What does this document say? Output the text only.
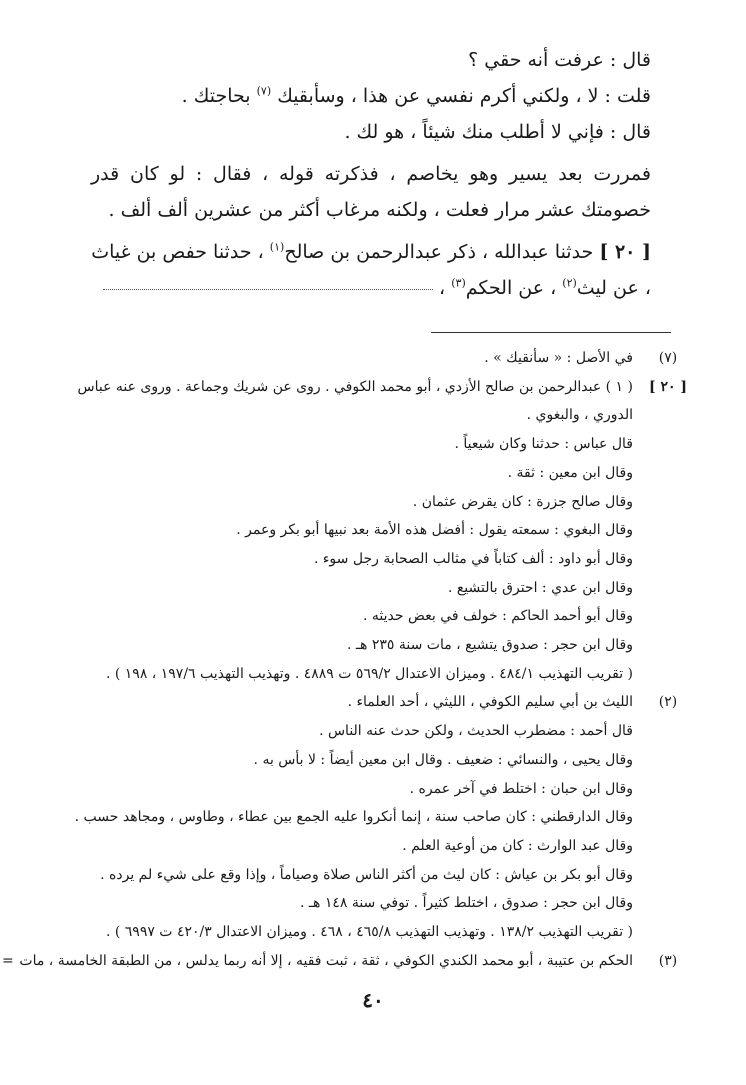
قال : عرفت أنه حقي ؟

قلت : لا ، ولكني أكرم نفسي عن هذا ، وسأبقيك $^{(٧)}$ بحاجتك .

قال : فإني لا أطلب منك شيئاً ، هو لك .

فمررت بعد يسير وهو يخاصم ، فذكرته قوله ، فقال : لو كان قدر خصومتك عشر مرار فعلت ، ولكنه مرغاب أكثر من عشرين ألف ألف .

[ ٢٠ ] حدثنا عبدالله ، ذكر عبدالرحمن بن صالح$^{(١)}$ ، حدثنا حفص بن غياث ، عن ليث$^{(٢)}$ ، عن الحكم$^{(٣)}$ ،

(٧)

في الأصل : « سأنقيك » .

[ ٢٠ ]

( ١ ) عبدالرحمن بن صالح الأزدي ، أبو محمد الكوفي . روى عن شريك وجماعة . وروى عنه عباس الدوري ، والبغوي .

قال عباس : حدثنا وكان شيعياً .

وقال ابن معين : ثقة .

وقال صالح جزرة : كان يقرض عثمان .

وقال البغوي : سمعته يقول : أفضل هذه الأمة بعد نبيها أبو بكر وعمر .

وقال أبو داود : ألف كتاباً في مثالب الصحابة رجل سوء .

وقال ابن عدي : احترق بالتشيع .

وقال أبو أحمد الحاكم : خولف في بعض حديثه .

وقال ابن حجر : صدوق يتشيع ، مات سنة ٢٣٥ هـ .

( تقريب التهذيب ٤٨٤/١ . وميزان الاعتدال ٥٦٩/٢ ت ٤٨٨٩ . وتهذيب التهذيب ١٩٧/٦ ، ١٩٨ ) .

(٢)

الليث بن أبي سليم الكوفي ، الليثي ، أحد العلماء .

قال أحمد : مضطرب الحديث ، ولكن حدث عنه الناس .

وقال يحيى ، والنسائي : ضعيف . وقال ابن معين أيضاً : لا بأس به .

وقال ابن حبان : اختلط في آخر عمره .

وقال الدارقطني : كان صاحب سنة ، إنما أنكروا عليه الجمع بين عطاء ، وطاوس ، ومجاهد حسب .

وقال عبد الوارث : كان من أوعية العلم .

وقال أبو بكر بن عياش : كان ليث من أكثر الناس صلاة وصياماً ، وإذا وقع على شيء لم يرده .

وقال ابن حجر : صدوق ، اختلط كثيراً . توفي سنة ١٤٨ هـ .

( تقريب التهذيب ١٣٨/٢ . وتهذيب التهذيب ٤٦٥/٨ ، ٤٦٨ . وميزان الاعتدال ٤٢٠/٣ ت ٦٩٩٧ ) .

(٣)

الحكم بن عتيبة ، أبو محمد الكندي الكوفي ، ثقة ، ثبت فقيه ، إلا أنه ربما يدلس ، من الطبقة الخامسة ، مات

=
٤٠
